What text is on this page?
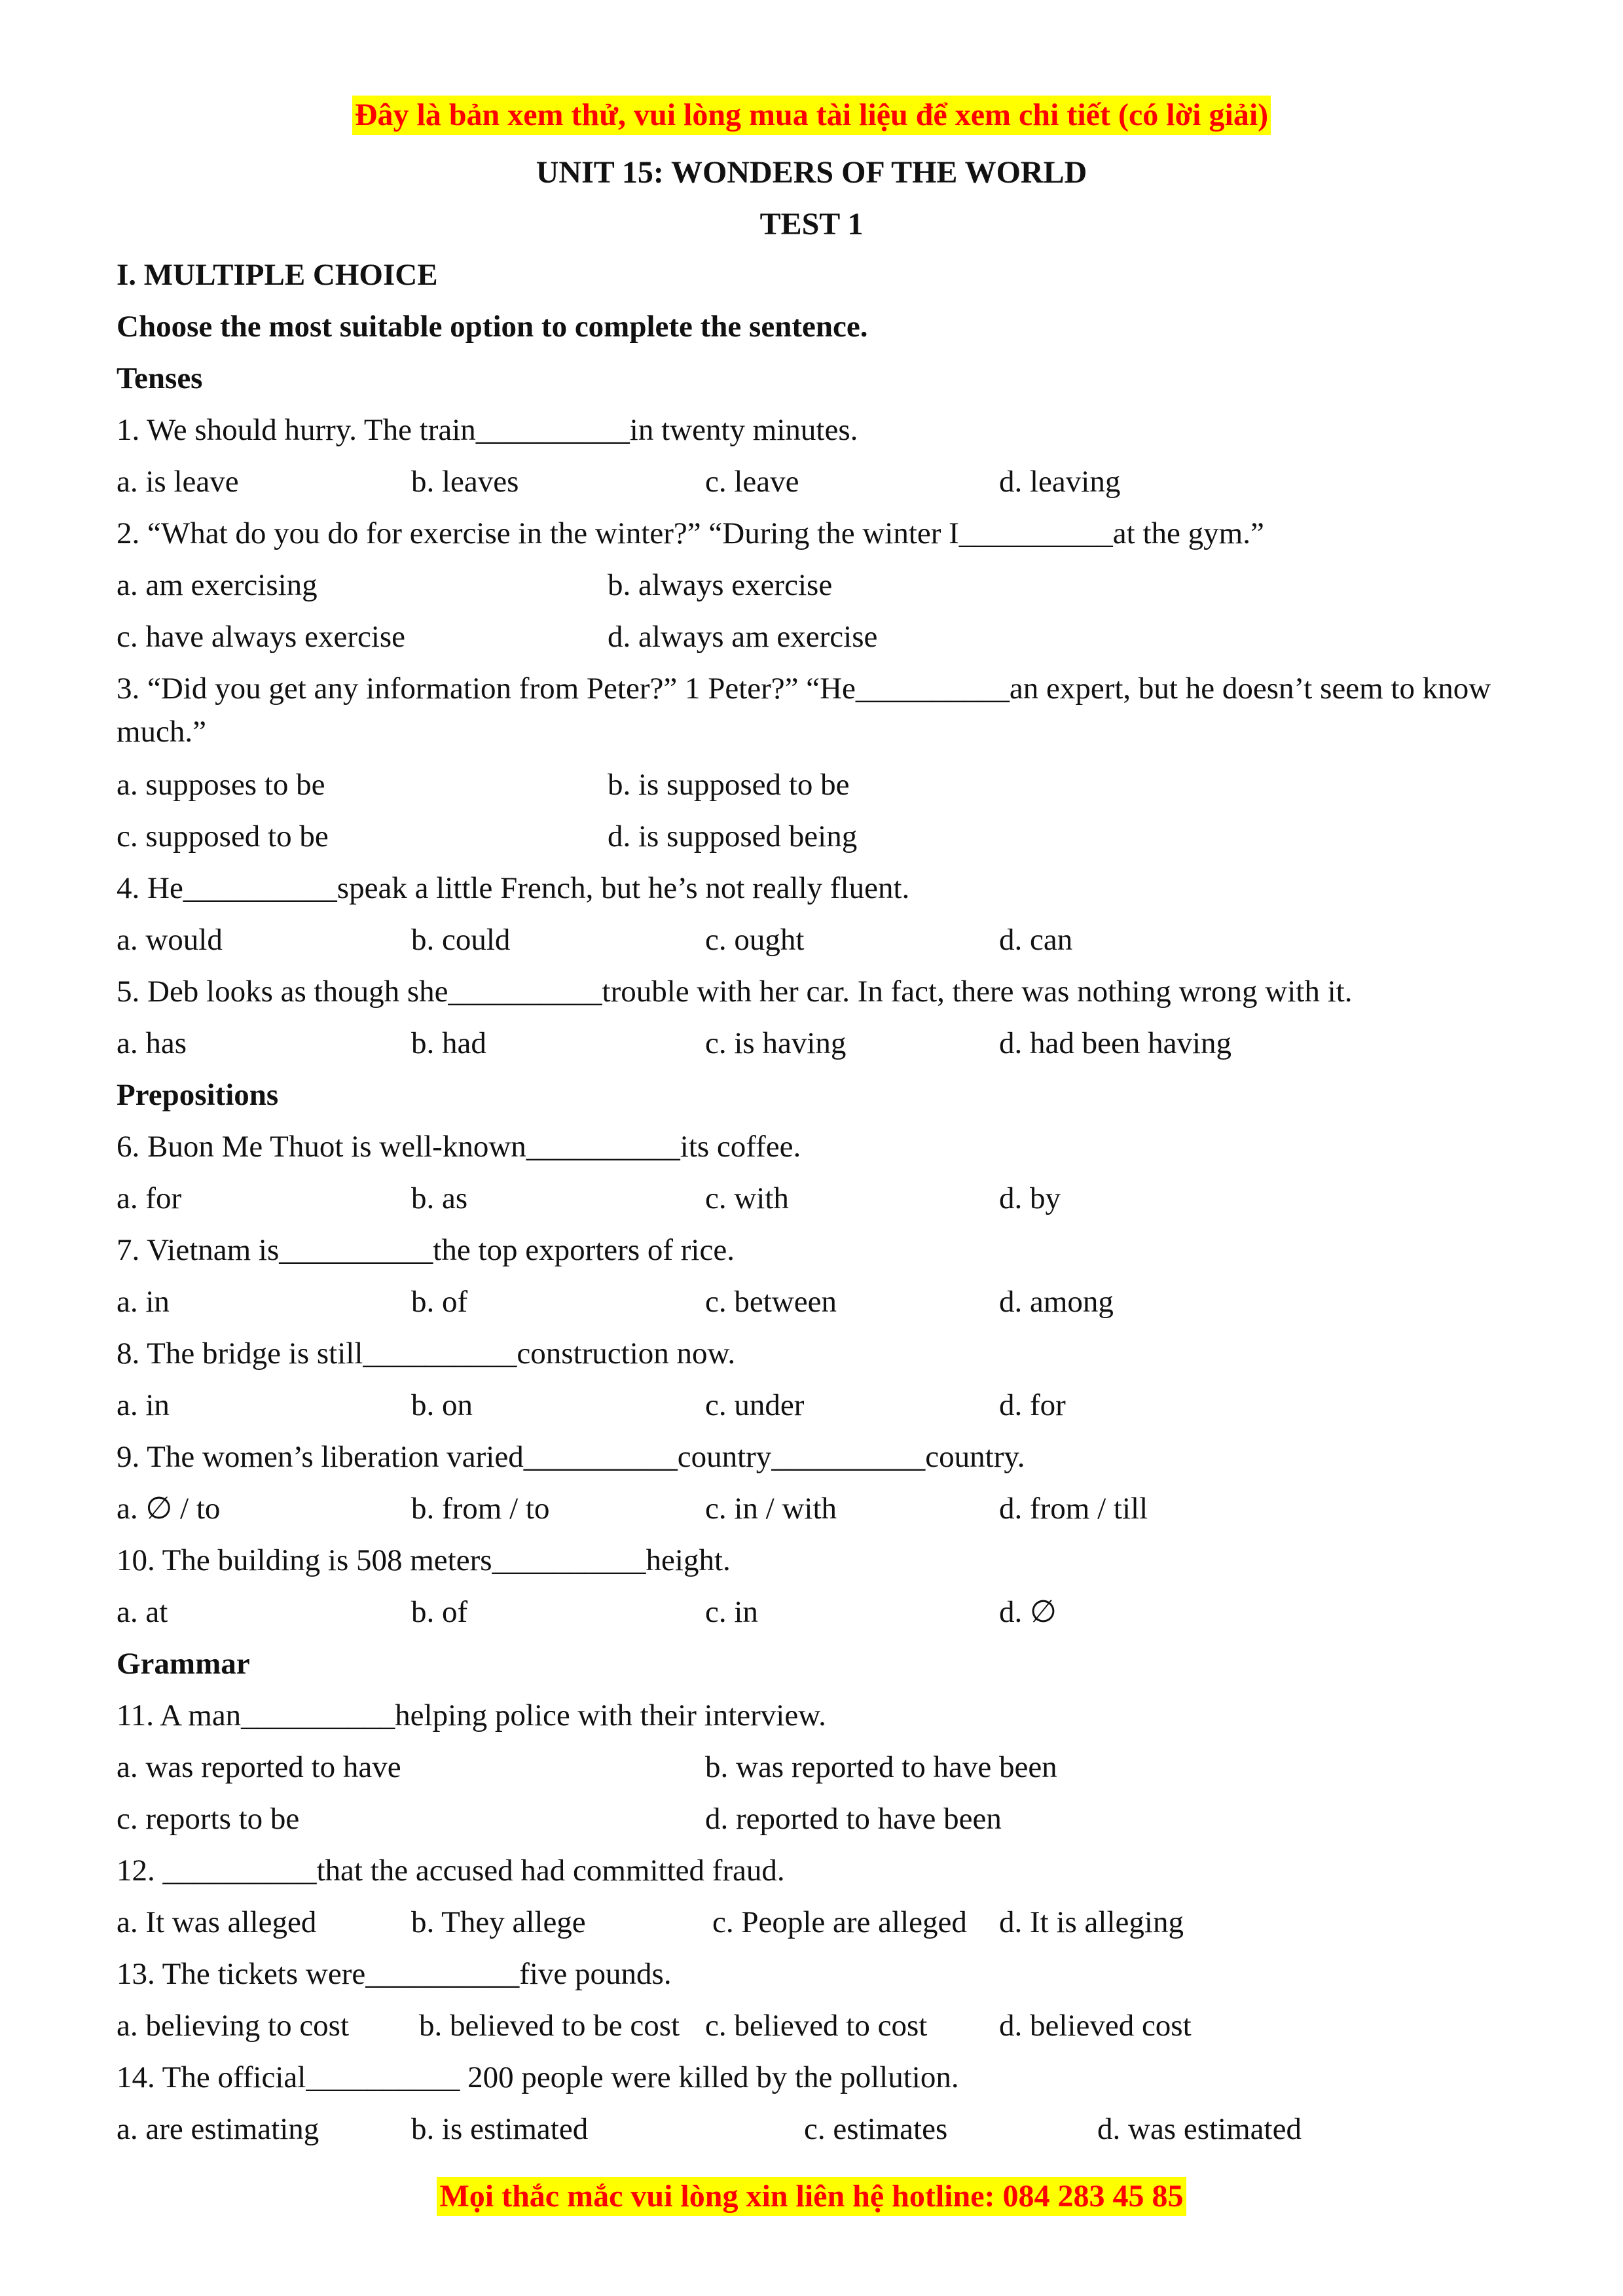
Đây là bản xem thử, vui lòng mua tài liệu để xem chi tiết (có lời giải)
UNIT 15: WONDERS OF THE WORLD
TEST 1
I. MULTIPLE CHOICE
Choose the most suitable option to complete the sentence.
Tenses
1. We should hurry. The train__________in twenty minutes.
a. is leave	b. leaves	c. leave	d. leaving
2. “What do you do for exercise in the winter?” “During the winter I__________at the gym.”
a. am exercising	b. always exercise
c. have always exercise	d. always am exercise
3. “Did you get any information from Peter?” 1 Peter?” “He__________an expert, but he doesn’t seem to know much.”
a. supposes to be	b. is supposed to be
c. supposed to be	d. is supposed being
4. He__________speak a little French, but he’s not really fluent.
a. would	b. could	c. ought	d. can
5. Deb looks as though she__________trouble with her car. In fact, there was nothing wrong with it.
a. has	b. had	c. is having	d. had been having
Prepositions
6. Buon Me Thuot is well-known__________its coffee.
a. for	b. as	c. with	d. by
7. Vietnam is__________the top exporters of rice.
a. in	b. of	c. between	d. among
8. The bridge is still__________construction now.
a. in	b. on	c. under	d. for
9. The women’s liberation varied__________country__________country.
a. ∅ / to	b. from / to	c. in / with	d. from / till
10. The building is 508 meters__________height.
a. at	b. of	c. in	d. ∅
Grammar
11. A man__________helping police with their interview.
a. was reported to have	b. was reported to have been
c. reports to be	d. reported to have been
12. __________that the accused had committed fraud.
a. It was alleged	b. They allege	c. People are alleged d. It is alleging
13. The tickets were__________five pounds.
a. believing to cost b. believed to be cost c. believed to cost d. believed cost
14. The official__________ 200 people were killed by the pollution.
a. are estimating	b. is estimated	c. estimates	d. was estimated
Mọi thắc mắc vui lòng xin liên hệ hotline: 084 283 45 85
